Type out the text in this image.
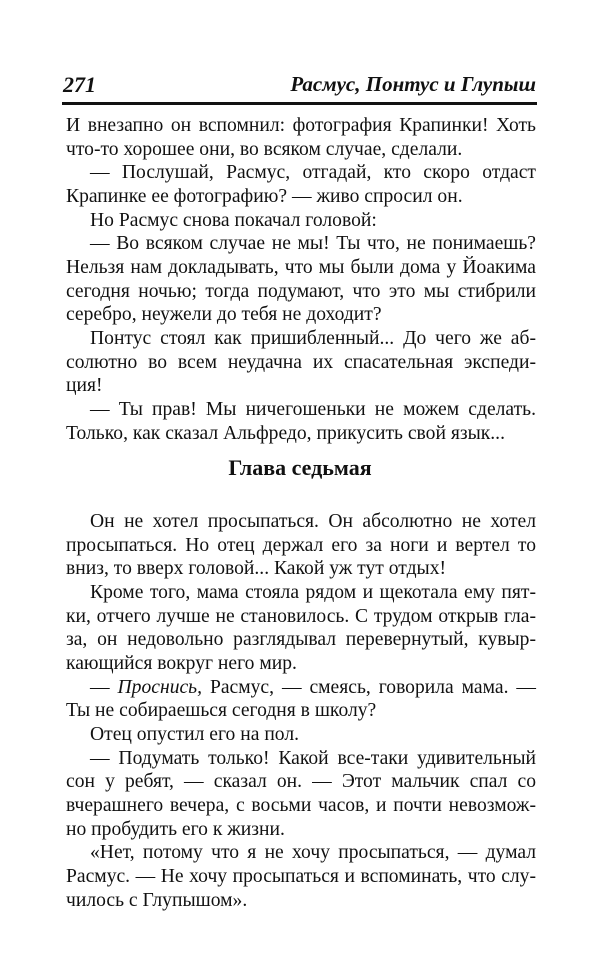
271	Расмус, Понтус и Глупыш
И внезапно он вспомнил: фотография Крапинки! Хоть
что-то хорошее они, во всяком случае, сделали.
— Послушай, Расмус, отгадай, кто скоро отдаст
Крапинке ее фотографию? — живо спросил он.
Но Расмус снова покачал головой:
— Во всяком случае не мы! Ты что, не понимаешь?
Нельзя нам докладывать, что мы были дома у Йоакима
сегодня ночью; тогда подумают, что это мы стибрили
серебро, неужели до тебя не доходит?
Понтус стоял как пришибленный... До чего же аб-
солютно во всем неудачна их спасательная экспеди-
ция!
— Ты прав! Мы ничегошеньки не можем сделать.
Только, как сказал Альфредо, прикусить свой язык...
Глава седьмая
Он не хотел просыпаться. Он абсолютно не хотел
просыпаться. Но отец держал его за ноги и вертел то
вниз, то вверх головой... Какой уж тут отдых!
Кроме того, мама стояла рядом и щекотала ему пят-
ки, отчего лучше не становилось. С трудом открыв гла-
за, он недовольно разглядывал перевернутый, кувыр-
кающийся вокруг него мир.
— Проснись, Расмус, — смеясь, говорила мама. —
Ты не собираешься сегодня в школу?
Отец опустил его на пол.
— Подумать только! Какой все-таки удивительный
сон у ребят, — сказал он. — Этот мальчик спал со
вчерашнего вечера, с восьми часов, и почти невозмож-
но пробудить его к жизни.
«Нет, потому что я не хочу просыпаться, — думал
Расмус. — Не хочу просыпаться и вспоминать, что слу-
чилось с Глупышом».
